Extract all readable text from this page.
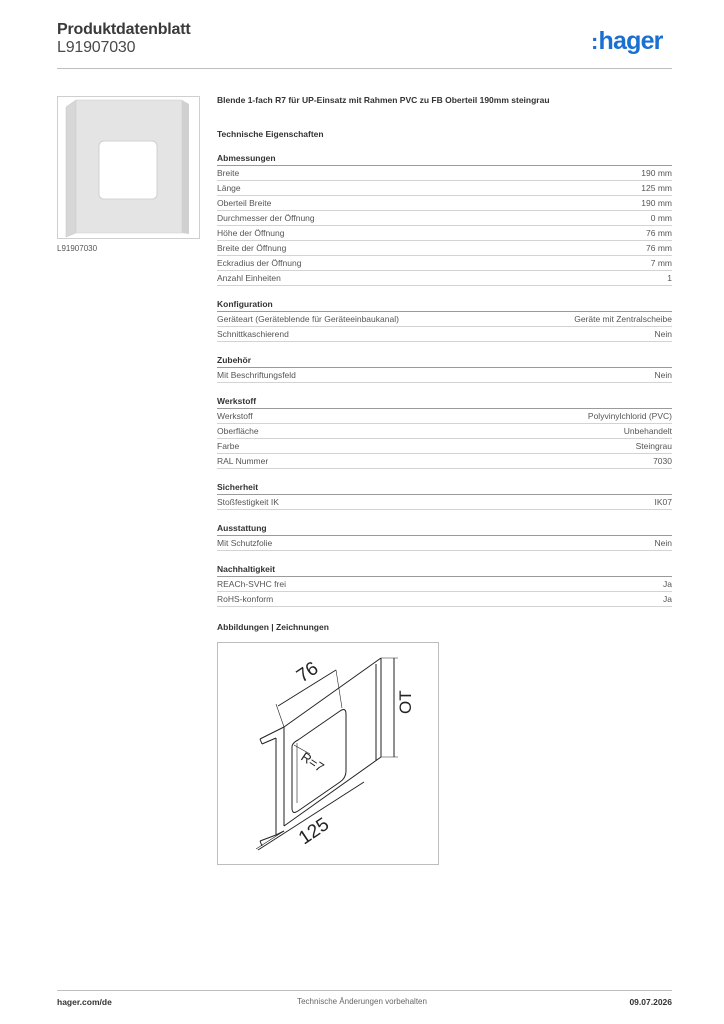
Produktdatenblatt
L91907030	:hager
L91907030
Blende 1-fach R7 für UP-Einsatz mit Rahmen PVC zu FB Oberteil 190mm steingrau
Technische Eigenschaften
Abmessungen
Breite	190 mm
Länge	125 mm
Oberteil Breite	190 mm
Durchmesser der Öffnung	0 mm
Höhe der Öffnung	76 mm
Breite der Öffnung	76 mm
Eckradius der Öffnung	7 mm
Anzahl Einheiten	1
Konfiguration
Geräteart (Geräteblende für Geräteeinbaukanal)	Geräte mit Zentralscheibe
Schnittkaschierend	Nein
Zubehör
Mit Beschriftungsfeld	Nein
Werkstoff
Werkstoff	Polyvinylchlorid (PVC)
Oberfläche	Unbehandelt
Farbe	Steingrau
RAL Nummer	7030
Sicherheit
Stoßfestigkeit IK	IK07
Ausstattung
Mit Schutzfolie	Nein
Nachhaltigkeit
REACh-SVHC frei	Ja
RoHS-konform	Ja
Abbildungen | Zeichnungen
76
OT
125
R=7
hager.com/de	Technische Änderungen vorbehalten	09.07.2026
